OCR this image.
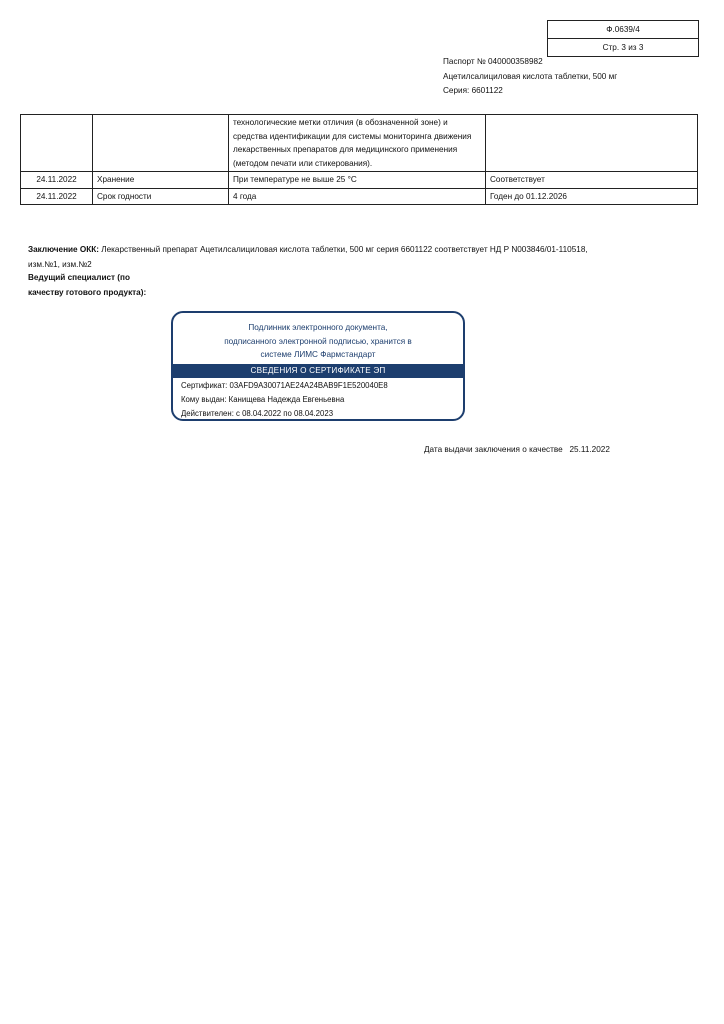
Ф.0639/4
Стр. 3 из 3
Паспорт № 040000358982
Ацетилсалициловая кислота таблетки, 500 мг
Серия: 6601122
		технологические метки отличия (в обозначенной зоне) и средства идентификации для системы мониторинга движения лекарственных препаратов для медицинского применения (методом печати или стикерования).	
24.11.2022	Хранение	При температуре не выше 25 °С	Соответствует
24.11.2022	Срок годности	4 года	Годен до 01.12.2026
Заключение ОКК: Лекарственный препарат Ацетилсалициловая кислота таблетки, 500 мг серия 6601122 соответствует НД Р N003846/01-110518, изм.№1, изм.№2
Ведущий специалист (по качеству готового продукта):
Подлинник электронного документа,
подписанного электронной подписью, хранится в
системе ЛИМС Фармстандарт
СВЕДЕНИЯ О СЕРТИФИКАТЕ ЭП
Сертификат: 03AFD9A30071AE24A24BAB9F1E520040E8
Кому выдан: Канищева Надежда Евгеньевна
Действителен: с 08.04.2022 по 08.04.2023
Дата выдачи заключения о качестве   25.11.2022
